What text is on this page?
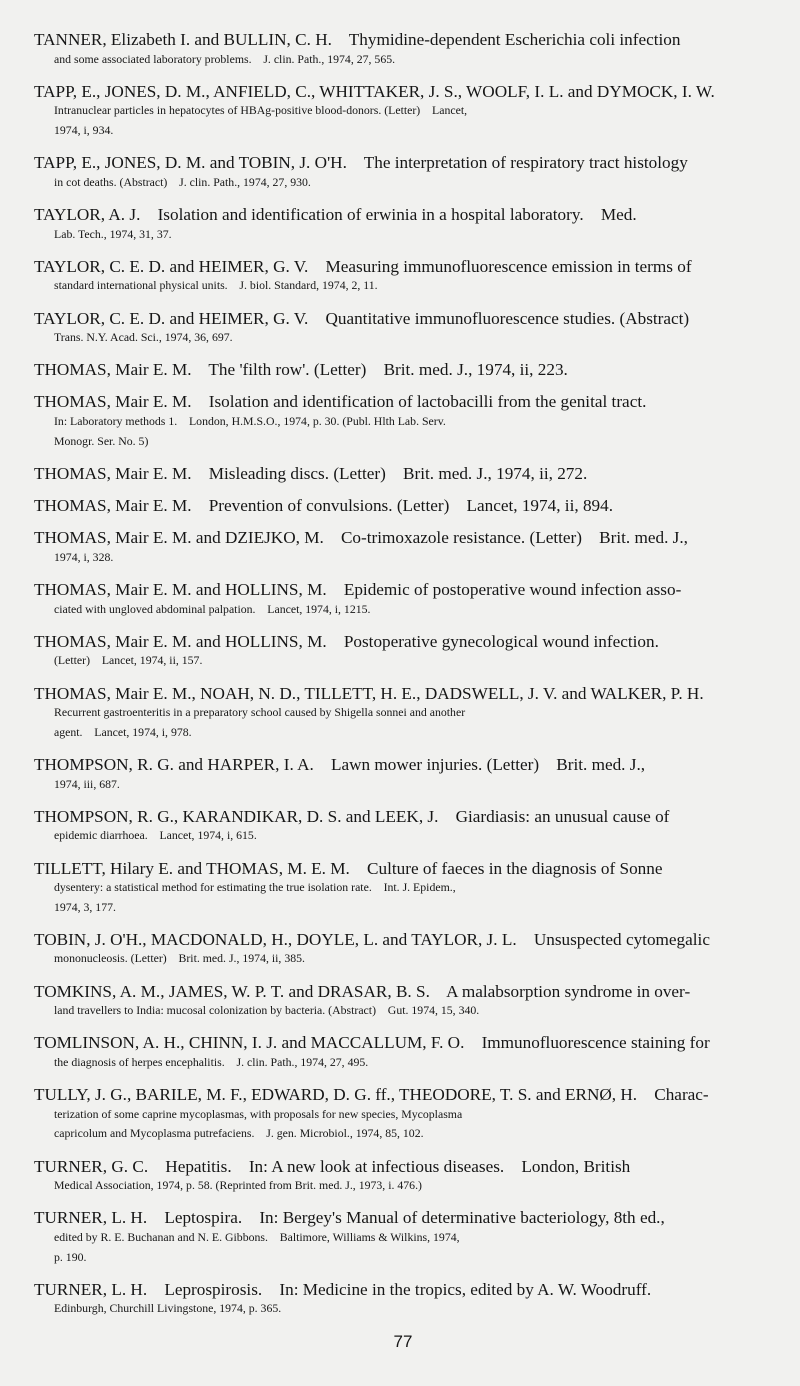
TANNER, Elizabeth I. and BULLIN, C. H.    Thymidine-dependent Escherichia coli infection
and some associated laboratory problems.    J. clin. Path., 1974, 27, 565.
TAPP, E., JONES, D. M., ANFIELD, C., WHITTAKER, J. S., WOOLF, I. L. and DYMOCK, I. W.
Intranuclear particles in hepatocytes of HBAg-positive blood-donors. (Letter)    Lancet,
1974, i, 934.
TAPP, E., JONES, D. M. and TOBIN, J. O'H.    The interpretation of respiratory tract histology
in cot deaths. (Abstract)    J. clin. Path., 1974, 27, 930.
TAYLOR, A. J.    Isolation and identification of erwinia in a hospital laboratory.    Med.
Lab. Tech., 1974, 31, 37.
TAYLOR, C. E. D. and HEIMER, G. V.    Measuring immunofluorescence emission in terms of
standard international physical units.    J. biol. Standard, 1974, 2, 11.
TAYLOR, C. E. D. and HEIMER, G. V.    Quantitative immunofluorescence studies. (Abstract)
Trans. N.Y. Acad. Sci., 1974, 36, 697.
THOMAS, Mair E. M.    The 'filth row'. (Letter)    Brit. med. J., 1974, ii, 223.
THOMAS, Mair E. M.    Isolation and identification of lactobacilli from the genital tract.
In: Laboratory methods 1.    London, H.M.S.O., 1974, p. 30. (Publ. Hlth Lab. Serv.
Monogr. Ser. No. 5)
THOMAS, Mair E. M.    Misleading discs. (Letter)    Brit. med. J., 1974, ii, 272.
THOMAS, Mair E. M.    Prevention of convulsions. (Letter)    Lancet, 1974, ii, 894.
THOMAS, Mair E. M. and DZIEJKO, M.    Co-trimoxazole resistance. (Letter)    Brit. med. J.,
1974, i, 328.
THOMAS, Mair E. M. and HOLLINS, M.    Epidemic of postoperative wound infection asso-
ciated with ungloved abdominal palpation.    Lancet, 1974, i, 1215.
THOMAS, Mair E. M. and HOLLINS, M.    Postoperative gynecological wound infection.
(Letter)    Lancet, 1974, ii, 157.
THOMAS, Mair E. M., NOAH, N. D., TILLETT, H. E., DADSWELL, J. V. and WALKER, P. H.
Recurrent gastroenteritis in a preparatory school caused by Shigella sonnei and another
agent.    Lancet, 1974, i, 978.
THOMPSON, R. G. and HARPER, I. A.    Lawn mower injuries. (Letter)    Brit. med. J.,
1974, iii, 687.
THOMPSON, R. G., KARANDIKAR, D. S. and LEEK, J.    Giardiasis: an unusual cause of
epidemic diarrhoea.    Lancet, 1974, i, 615.
TILLETT, Hilary E. and THOMAS, M. E. M.    Culture of faeces in the diagnosis of Sonne
dysentery: a statistical method for estimating the true isolation rate.    Int. J. Epidem.,
1974, 3, 177.
TOBIN, J. O'H., MACDONALD, H., DOYLE, L. and TAYLOR, J. L.    Unsuspected cytomegalic
mononucleosis. (Letter)    Brit. med. J., 1974, ii, 385.
TOMKINS, A. M., JAMES, W. P. T. and DRASAR, B. S.    A malabsorption syndrome in over-
land travellers to India: mucosal colonization by bacteria. (Abstract)    Gut. 1974, 15, 340.
TOMLINSON, A. H., CHINN, I. J. and MACCALLUM, F. O.    Immunofluorescence staining for
the diagnosis of herpes encephalitis.    J. clin. Path., 1974, 27, 495.
TULLY, J. G., BARILE, M. F., EDWARD, D. G. ff., THEODORE, T. S. and ERNØ, H.    Charac-
terization of some caprine mycoplasmas, with proposals for new species, Mycoplasma
capricolum and Mycoplasma putrefaciens.    J. gen. Microbiol., 1974, 85, 102.
TURNER, G. C.    Hepatitis.    In: A new look at infectious diseases.    London, British
Medical Association, 1974, p. 58. (Reprinted from Brit. med. J., 1973, i. 476.)
TURNER, L. H.    Leptospira.    In: Bergey's Manual of determinative bacteriology, 8th ed.,
edited by R. E. Buchanan and N. E. Gibbons.    Baltimore, Williams & Wilkins, 1974,
p. 190.
TURNER, L. H.    Leprospirosis.    In: Medicine in the tropics, edited by A. W. Woodruff.
Edinburgh, Churchill Livingstone, 1974, p. 365.
77
